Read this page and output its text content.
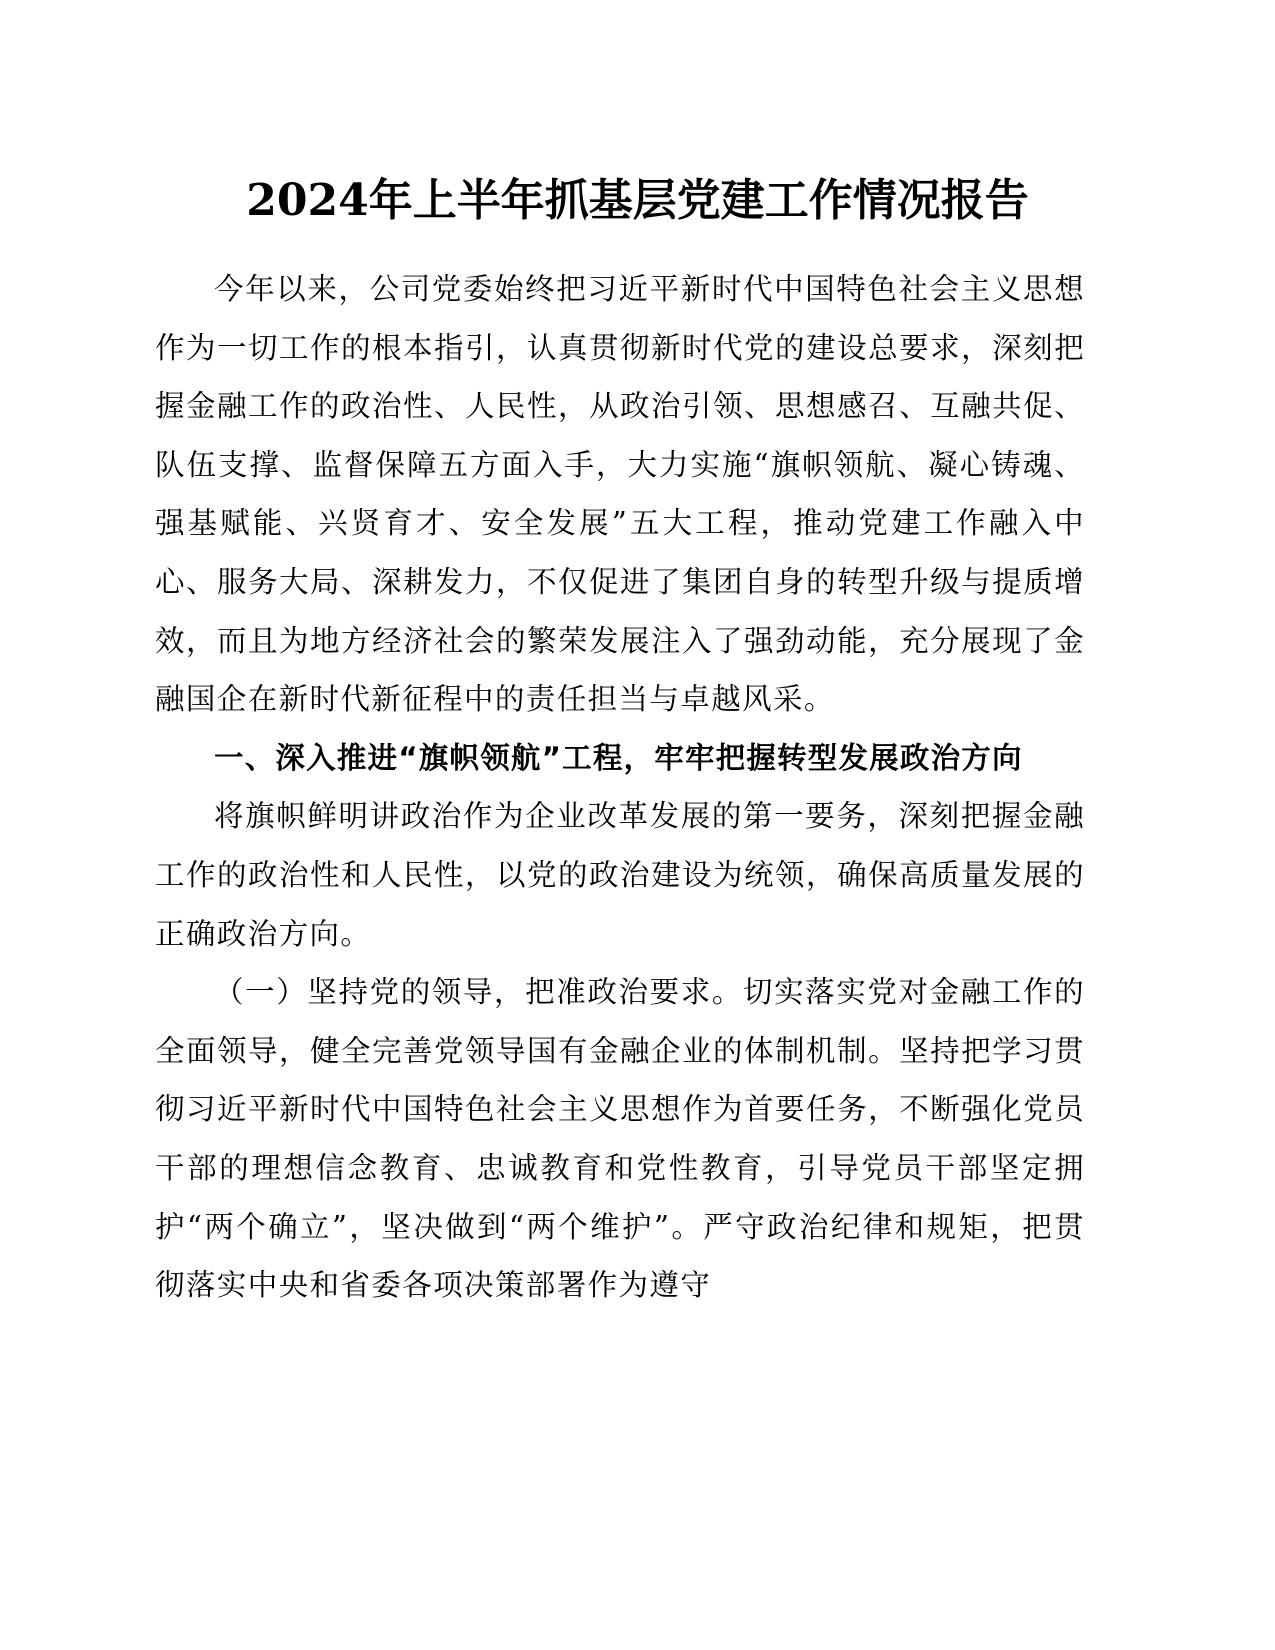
2024年上半年抓基层党建工作情况报告

今年以来，公司党委始终把习近平新时代中国特色社会主义思想作为一切工作的根本指引，认真贯彻新时代党的建设总要求，深刻把握金融工作的政治性、人民性，从政治引领、思想感召、互融共促、队伍支撑、监督保障五方面入手，大力实施“旗帜领航、凝心铸魂、强基赋能、兴贤育才、安全发展”五大工程，推动党建工作融入中心、服务大局、深耕发力，不仅促进了集团自身的转型升级与提质增效，而且为地方经济社会的繁荣发展注入了强劲动能，充分展现了金融国企在新时代新征程中的责任担当与卓越风采。

一、深入推进“旗帜领航”工程，牢牢把握转型发展政治方向

将旗帜鲜明讲政治作为企业改革发展的第一要务，深刻把握金融工作的政治性和人民性，以党的政治建设为统领，确保高质量发展的正确政治方向。

（一）坚持党的领导，把准政治要求。切实落实党对金融工作的全面领导，健全完善党领导国有金融企业的体制机制。坚持把学习贯彻习近平新时代中国特色社会主义思想作为首要任务，不断强化党员干部的理想信念教育、忠诚教育和党性教育，引导党员干部坚定拥护“两个确立”，坚决做到“两个维护”。严守政治纪律和规矩，把贯彻落实中央和省委各项决策部署作为遵守
